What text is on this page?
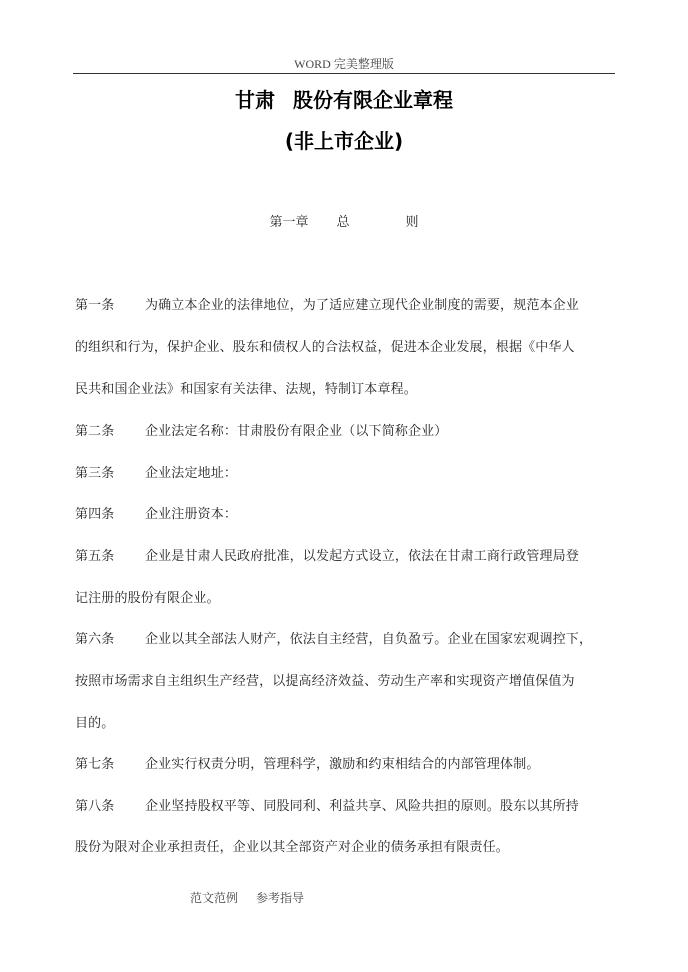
WORD 完美整理版
甘肃 股份有限企业章程
(非上市企业)
第一章 总	则
第一条 为确立本企业的法律地位，为了适应建立现代企业制度的需要，规范本企业
的组织和行为，保护企业、股东和债权人的合法权益，促进本企业发展，根据《中华人
民共和国企业法》和国家有关法律、法规，特制订本章程。
第二条 企业法定名称：甘肃股份有限企业（以下简称企业）
第三条 企业法定地址：
第四条 企业注册资本：
第五条 企业是甘肃人民政府批准，以发起方式设立，依法在甘肃工商行政管理局登
记注册的股份有限企业。
第六条 企业以其全部法人财产，依法自主经营，自负盈亏。企业在国家宏观调控下，
按照市场需求自主组织生产经营，以提高经济效益、劳动生产率和实现资产增值保值为
目的。
第七条 企业实行权责分明，管理科学，激励和约束相结合的内部管理体制。
第八条 企业坚持股权平等、同股同利、利益共享、风险共担的原则。股东以其所持
股份为限对企业承担责任，企业以其全部资产对企业的债务承担有限责任。
范文范例 参考指导
